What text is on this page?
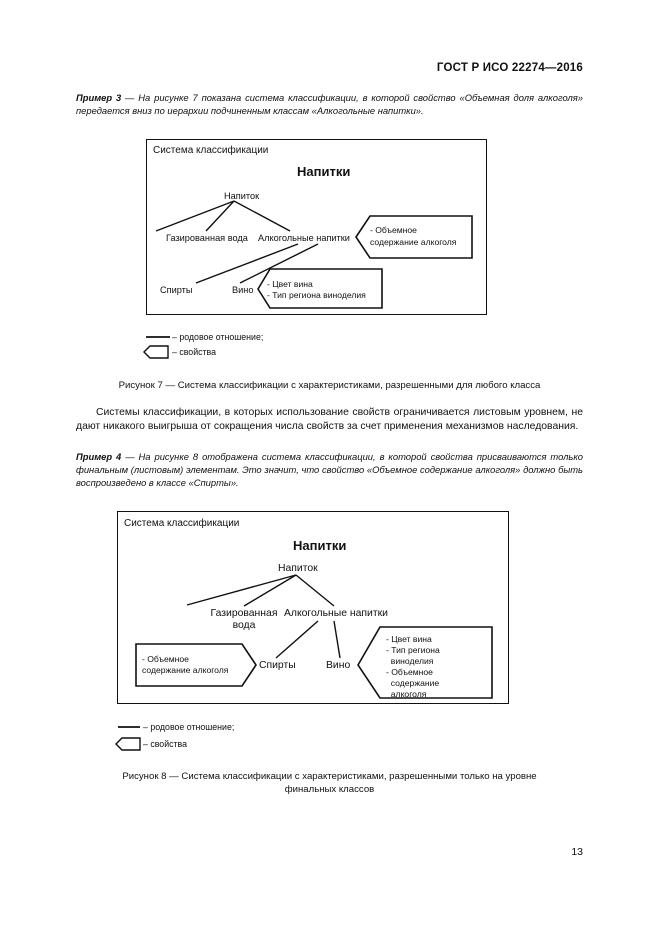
ГОСТ Р ИСО 22274—2016
Пример 3 — На рисунке 7 показана система классификации, в которой свойство «Объемная доля алкоголя» передается вниз по иерархии подчиненным классам «Алкогольные напитки».
Система классификации
Напитки
Напиток
Газированная вода Алкогольные напитки
Спирты	Вино
- Объемное
содержание алкоголя
- Цвет вина
- Тип региона виноделия
– родовое отношение;
– свойства
Рисунок 7 — Система классификации с характеристиками, разрешенными для любого класса
Системы классификации, в которых использование свойств ограничивается листовым уровнем, не дают никакого выигрыша от сокращения числа свойств за счет применения механизмов наследования.
Пример 4 — На рисунке 8 отображена система классификации, в которой свойства присваиваются только финальным (листовым) элементам. Это значит, что свойство «Объемное содержание алкоголя» должно быть воспроизведено в классе «Спирты».
Система классификации
Напитки
Напиток
Газированная
вода
Алкогольные напитки
Спирты	Вино
- Объемное
содержание алкоголя
- Цвет вина
- Тип региона
виноделия
- Объемное
содержание
алкоголя
– родовое отношение;
– свойства
Рисунок 8 — Система классификации с характеристиками, разрешенными только на уровне
финальных классов
13
